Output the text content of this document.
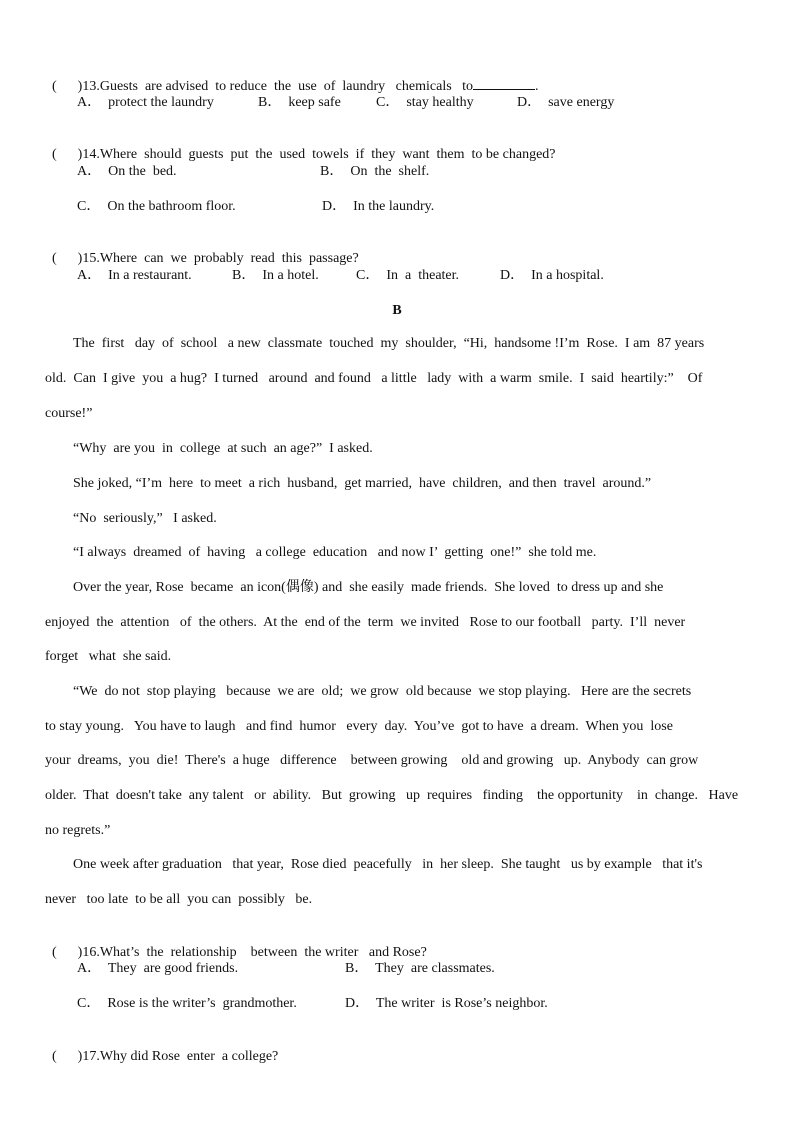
(      )13.Guests  are advised  to reduce  the  use  of  laundry   chemicals   to	.

A．  protect the laundry	B．  keep safe	C．  stay healthy	D．  save energy

(      )14.Where  should  guests  put  the  used  towels  if  they  want  them  to be changed?

A．  On the  bed.	B．  On  the  shelf.
C．  On the bathroom floor.	D．  In the laundry.

(      )15.Where  can  we  probably  read  this  passage?

A．  In a restaurant.	B．  In a hotel.	C．  In  a  theater.	D．  In a hospital.
B
The  first   day  of  school   a new  classmate  touched  my  shoulder,  “Hi,  handsome !I’m  Rose.  I am  87 years
old.  Can  I give  you  a hug?  I turned   around  and found   a little   lady  with  a warm  smile.  I  said  heartily:”    Of
course!”
“Why  are you  in  college  at such  an age?”  I asked.
She joked, “I’m  here  to meet  a rich  husband,  get married,  have  children,  and then  travel  around.”
“No  seriously,”   I asked.
“I always  dreamed  of  having   a college  education   and now I’  getting  one!”  she told me.
Over the year, Rose  became  an icon(偶像) and  she easily  made friends.  She loved  to dress up and she
enjoyed  the  attention   of  the others.  At the  end of the  term  we invited   Rose to our football   party.  I’ll  never
forget   what  she said.
“We  do not  stop playing   because  we are  old;  we grow  old because  we stop playing.   Here are the secrets
to stay young.   You have to laugh   and find  humor   every  day.  You’ve  got to have  a dream.  When you  lose
your  dreams,  you  die!  There's  a huge   difference    between growing    old and growing   up.  Anybody  can grow
older.  That  doesn't take  any talent   or  ability.   But  growing   up  requires   finding    the opportunity    in  change.   Have
no regrets.”
One week after graduation   that year,  Rose died  peacefully   in  her sleep.  She taught   us by example   that it's
never   too late  to be all  you can  possibly   be.

(      )16.What’s  the  relationship    between  the writer   and Rose?

A．  They  are good friends.	B．  They  are classmates.
C．  Rose is the writer’s  grandmother.	D．  The writer  is Rose’s neighbor.

(      )17.Why did Rose  enter  a college?
